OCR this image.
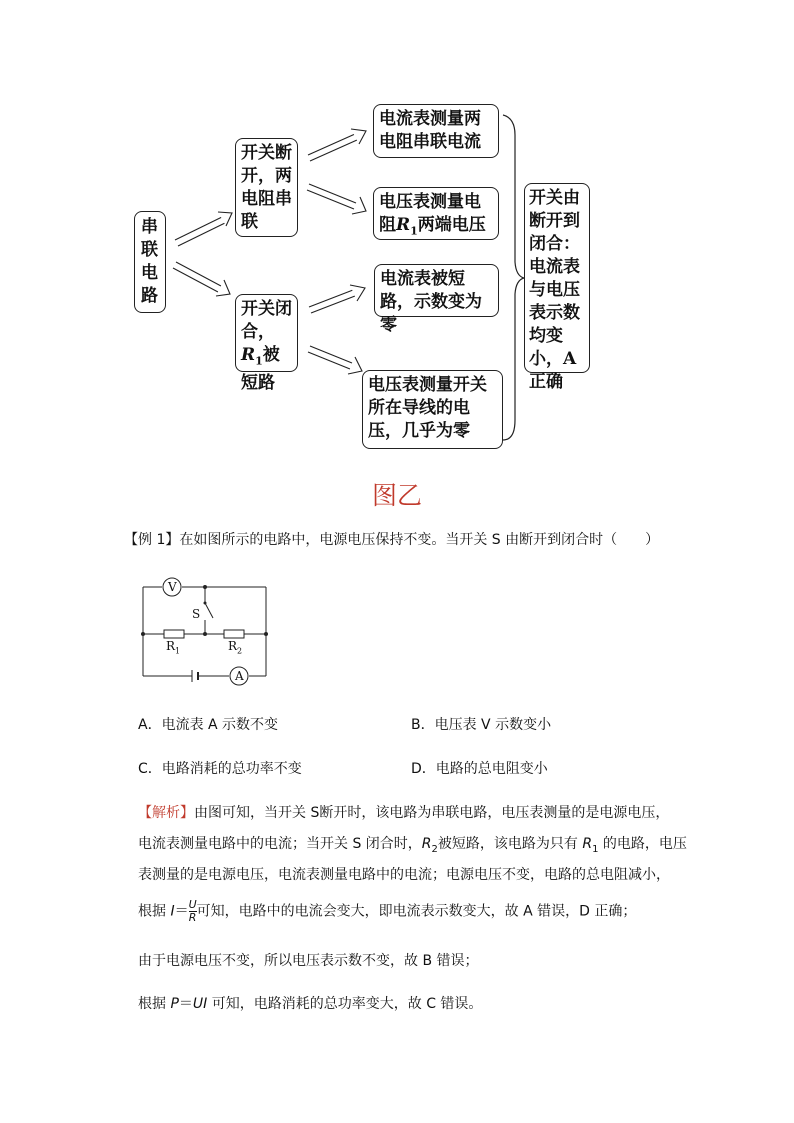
串联电路
开关断开，两电阻串联
开关闭合，$R_1$被短路
电流表测量两电阻串联电流
电压表测量电阻$R_1$两端电压
电流表被短路，示数变为零
电压表测量开关所在导线的电压，几乎为零
开关由断开到闭合：电流表与电压表示数均变小，A正确
图乙
【例 1】在如图所示的电路中，电源电压保持不变。当开关 S 由断开到闭合时（　　）
V
A
S
$R_1$	$R_2$
A．电流表 A 示数不变	B．电压表 V 示数变小
C．电路消耗的总功率不变	D．电路的总电阻变小
【解析】由图可知，当开关 S断开时，该电路为串联电路，电压表测量的是电源电压，
电流表测量电路中的电流；当开关 S 闭合时，$R_2$被短路，该电路为只有 $R_1$ 的电路，电压
表测量的是电源电压，电流表测量电路中的电流；电源电压不变，电路的总电阻减小，
根据 $I= \frac{U}{R}$ 可知，电路中的电流会变大，即电流表示数变大，故 A 错误，D 正确；
由于电源电压不变，所以电压表示数不变，故 B 错误；
根据 P＝UI 可知，电路消耗的总功率变大，故 C 错误。
